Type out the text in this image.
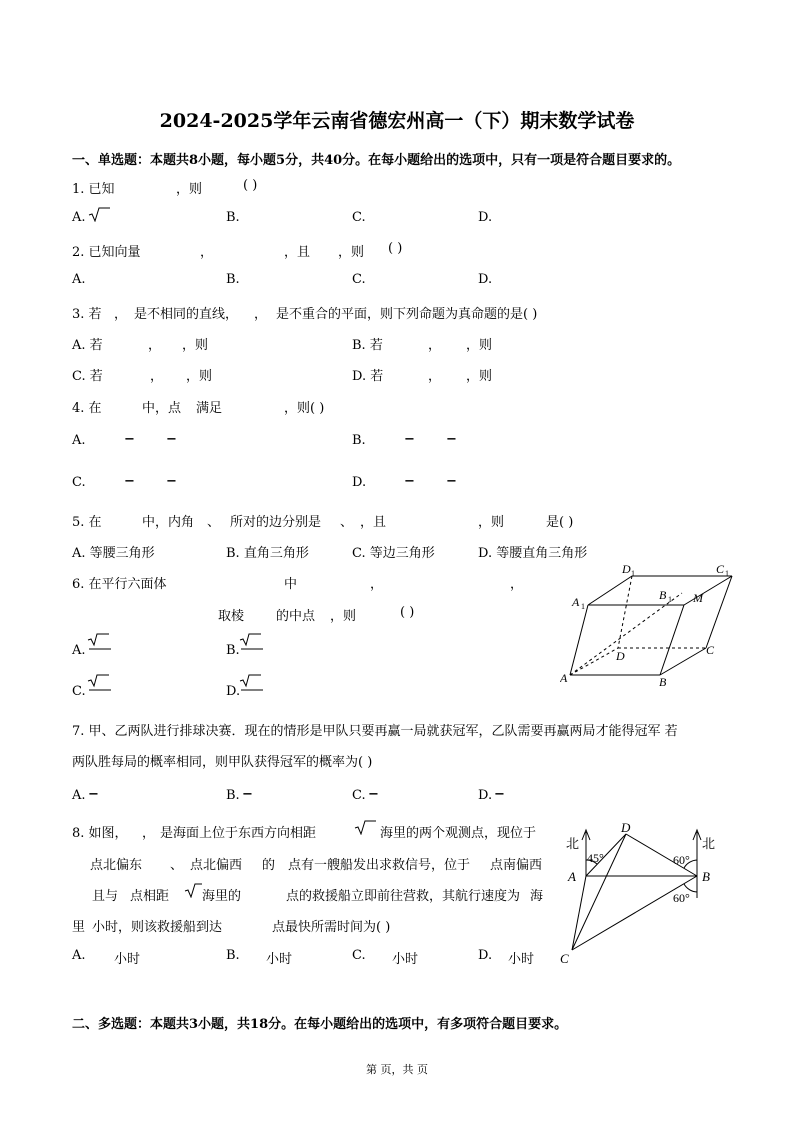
2024-2025学年云南省德宏州高一（下）期末数学试卷
一、单选题：本题共8小题，每小题5分，共40分。在每小题给出的选项中，只有一项是符合题目要求的。
1. 已知	，则	( )
A.	B.	C.	D.
2. 已知向量	，	，且 ，则 ( )
A.	B.	C.	D.
3. 若 ， 是不相同的直线， ， 是不重合的平面，则下列命题为真命题的是( )
A. 若	， ，则	B. 若	， ，则
C. 若	， ，则	D. 若	， ，则
4. 在	中，点 满足	，则( )
A.	− −	B.	− −
C.	− −	D.	− −
5. 在	中，内角 、 所对的边分别是 、 ，且	，则	是( )
A. 等腰三角形	B. 直角三角形	C. 等边三角形	D. 等腰直角三角形
6. 在平行六面体	中	，	，
取棱 的中点 ，则	( )
A.	B.
C.	D.
D 1	C 1
A 1
B 1 M
D	C
A	B
7. 甲、乙两队进行排球决赛．现在的情形是甲队只要再赢一局就获冠军，乙队需要再赢两局才能得冠军 若
两队胜每局的概率相同，则甲队获得冠军的概率为( )
A. −	B. −	C. −	D. −
8. 如图， ， 是海面上位于东西方向相距	海里的两个观测点，现位于
点北偏东 、 点北偏西 的 点有一艘船发出求救信号，位于 点南偏西
且与 点相距	海里的	点的救援船立即前往营救，其航行速度为 海
里 小时，则该救援船到达	点最快所需时间为( )
A. 小时	B. 小时	C. 小时	D. 小时
北	北
D
A	B
C
45°	60°
60°
二、多选题：本题共3小题，共18分。在每小题给出的选项中，有多项符合题目要求。
第 页，共 页
